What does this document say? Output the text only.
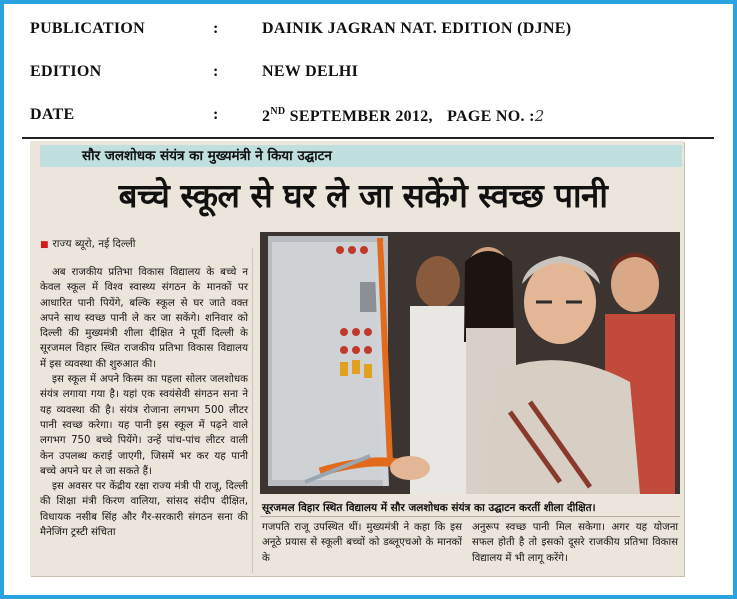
PUBLICATION	:	DAINIK JAGRAN NAT. EDITION (DJNE)
EDITION	:	NEW DELHI
DATE	:	2ND SEPTEMBER 2012, PAGE NO. :2
सौर जलशोधक संयंत्र का मुख्यमंत्री ने किया उद्घाटन
बच्चे स्कूल से घर ले जा सकेंगे स्वच्छ पानी
■ राज्य ब्यूरो, नई दिल्ली

अब राजकीय प्रतिभा विकास विद्यालय के बच्चे न केवल स्कूल में विश्व स्वास्थ्य संगठन के मानकों पर आधारित पानी पियेंगे, बल्कि स्कूल से घर जाते वक्त अपने साथ स्वच्छ पानी ले कर जा सकेंगे। शनिवार को दिल्ली की मुख्यमंत्री शीला दीक्षित ने पूर्वी दिल्ली के सूरजमल विहार स्थित राजकीय प्रतिभा विकास विद्यालय में इस व्यवस्था की शुरुआत की।

इस स्कूल में अपने किस्म का पहला सोलर जलशोधक संयंत्र लगाया गया है। यहां एक स्वयंसेवी संगठन सना ने यह व्यवस्था की है। संयंत्र रोजाना लगभग 500 लीटर पानी स्वच्छ करेगा। यह पानी इस स्कूल में पढ़ने वाले लगभग 750 बच्चे पियेंगे। उन्हें पांच-पांच लीटर वाली केन उपलब्ध कराई जाएगी, जिसमें भर कर यह पानी बच्चे अपने घर ले जा सकते हैं।

इस अवसर पर केंद्रीय रक्षा राज्य मंत्री पी राजू, दिल्ली की शिक्षा मंत्री किरण वालिया, सांसद संदीप दीक्षित, विधायक नसीब सिंह और गैर-सरकारी संगठन सना की मैनेजिंग ट्रस्टी संचिता

सूरजमल विहार स्थित विद्यालय में सौर जलशोधक संयंत्र का उद्घाटन करतीं शीला दीक्षित।

गजपति राजू उपस्थित थीं। मुख्यमंत्री ने कहा कि इस अनूठे प्रयास से स्कूली बच्चों को डब्लूएचओ के मानकों के

अनुरूप स्वच्छ पानी मिल सकेगा। अगर यह योजना सफल होती है तो इसको दूसरे राजकीय प्रतिभा विकास विद्यालय में भी लागू करेंगे।
